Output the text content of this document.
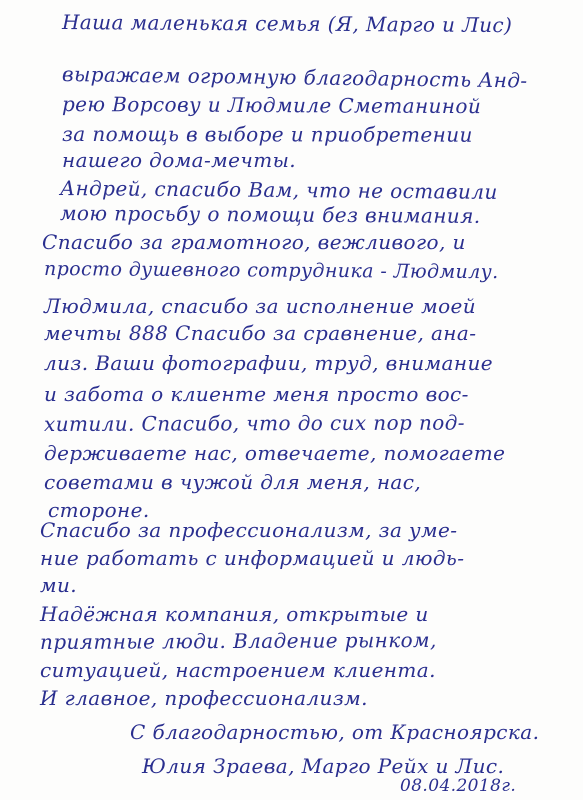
Наша маленькая семья (Я, Марго и Лис)
выражаем огромную благодарность Анд-
рею Ворсову и Людмиле Сметаниной
за помощь в выборе и приобретении
нашего дома-мечты.
Андрей, спасибо Вам, что не оставили
мою просьбу о помощи без внимания.
Спасибо за грамотного, вежливого, и
просто душевного сотрудника - Людмилу.
Людмила, спасибо за исполнение моей
мечты 888 Спасибо за сравнение, ана-
лиз. Ваши фотографии, труд, внимание
и забота о клиенте меня просто вос-
хитили. Спасибо, что до сих пор под-
держиваете нас, отвечаете, помогаете
советами в чужой для меня, нас,
стороне.
Спасибо за профессионализм, за уме-
ние работать с информацией и людь-
ми.
Надёжная компания, открытые и
приятные люди. Владение рынком,
ситуацией, настроением клиента.
И главное, профессионализм.
С благодарностью, от Красноярска.
Юлия Зраева, Марго Рейх и Лис.
08.04.2018г.
